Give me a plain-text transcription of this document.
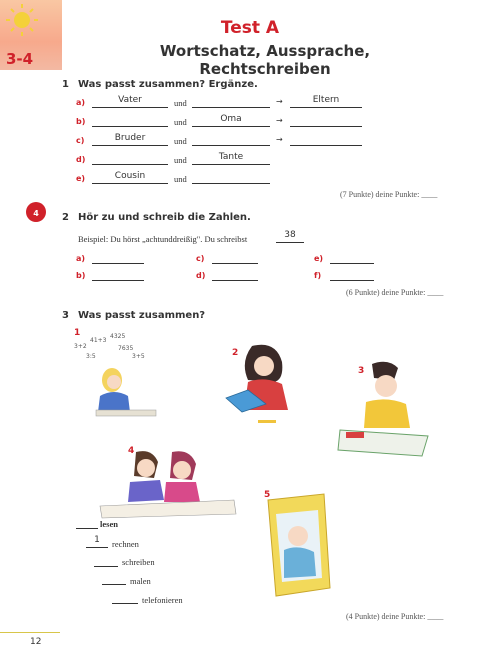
3-4
Test A
Wortschatz, Aussprache, Rechtschreiben
1 Was passt zusammen? Ergänze.
a)	Vater	und	→	Eltern
b)	und	Oma	→
c)	Bruder	und	→
d)	und	Tante
e)	Cousin	und
(7 Punkte) deine Punkte: ____
4	2 Hör zu und schreib die Zahlen.
Beispiel: Du hörst „achtunddreißig". Du schreibst	38
a)	c)	e)
b)	d)	f)
(6 Punkte) deine Punkte: ____
3 Was passt zusammen?
1
3+2
41+3
4325
7635
3+5
3:5	2
3
4
5
lesen
1	rechnen
schreiben
malen
telefonieren
(4 Punkte) deine Punkte: ____
12
